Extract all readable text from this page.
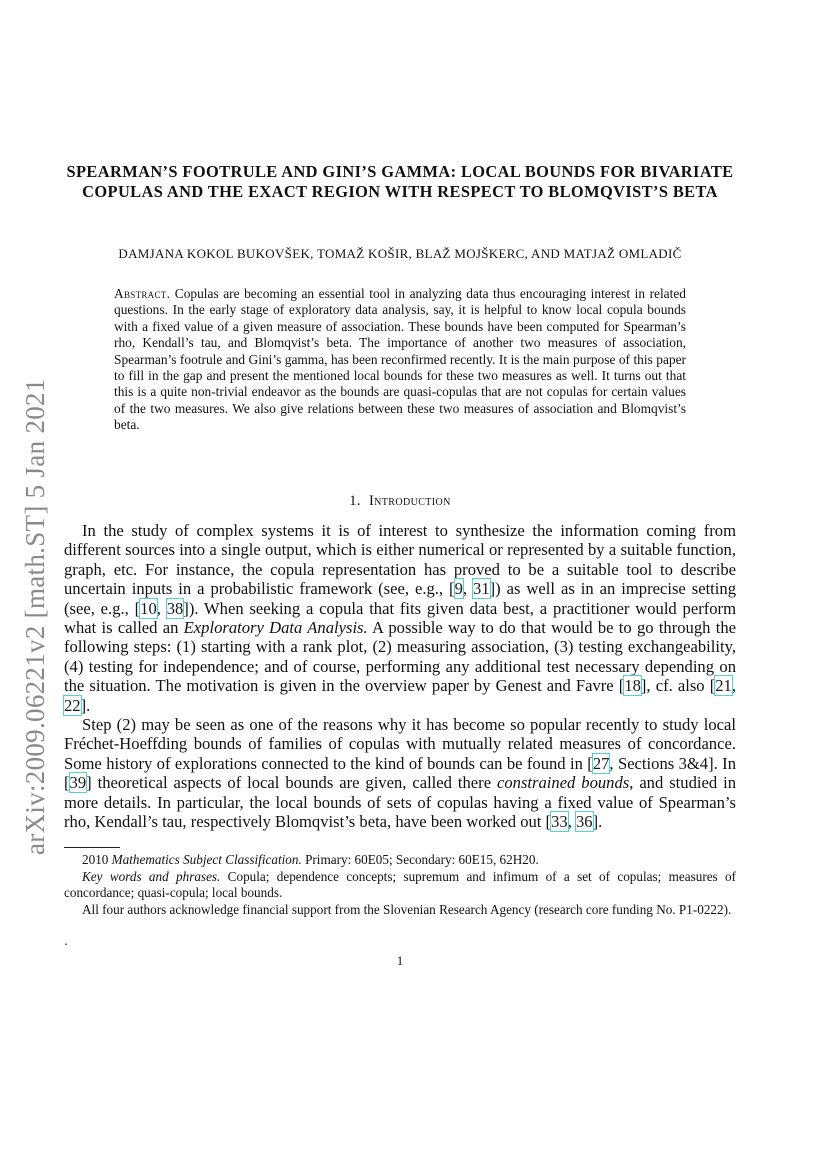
arXiv:2009.06221v2 [math.ST] 5 Jan 2021
SPEARMAN’S FOOTRULE AND GINI’S GAMMA: LOCAL BOUNDS FOR BIVARIATE COPULAS AND THE EXACT REGION WITH RESPECT TO BLOMQVIST’S BETA
DAMJANA KOKOL BUKOVŠEK, TOMAŽ KOŠIR, BLAŽ MOJŠKERC, AND MATJAŽ OMLADIČ
Abstract. Copulas are becoming an essential tool in analyzing data thus encouraging interest in related questions. In the early stage of exploratory data analysis, say, it is helpful to know local copula bounds with a fixed value of a given measure of association. These bounds have been computed for Spearman’s rho, Kendall’s tau, and Blomqvist’s beta. The importance of another two measures of association, Spearman’s footrule and Gini’s gamma, has been reconfirmed recently. It is the main purpose of this paper to fill in the gap and present the mentioned local bounds for these two measures as well. It turns out that this is a quite non-trivial endeavor as the bounds are quasi-copulas that are not copulas for certain values of the two measures. We also give relations between these two measures of association and Blomqvist’s beta.
1. Introduction
In the study of complex systems it is of interest to synthesize the information coming from different sources into a single output, which is either numerical or represented by a suitable function, graph, etc. For instance, the copula representation has proved to be a suitable tool to describe uncertain inputs in a probabilistic framework (see, e.g., [9, 31]) as well as in an imprecise setting (see, e.g., [10, 38]). When seeking a copula that fits given data best, a practitioner would perform what is called an Exploratory Data Analysis. A possible way to do that would be to go through the following steps: (1) starting with a rank plot, (2) measuring association, (3) testing exchangeability, (4) testing for independence; and of course, performing any additional test necessary depending on the situation. The motivation is given in the overview paper by Genest and Favre [18], cf. also [21, 22].
Step (2) may be seen as one of the reasons why it has become so popular recently to study local Fréchet-Hoeffding bounds of families of copulas with mutually related measures of concordance. Some history of explorations connected to the kind of bounds can be found in [27, Sections 3&4]. In [39] theoretical aspects of local bounds are given, called there constrained bounds, and studied in more details. In particular, the local bounds of sets of copulas having a fixed value of Spearman’s rho, Kendall’s tau, respectively Blomqvist’s beta, have been worked out [33, 36].
2010 Mathematics Subject Classification. Primary: 60E05; Secondary: 60E15, 62H20.
Key words and phrases. Copula; dependence concepts; supremum and infimum of a set of copulas; measures of concordance; quasi-copula; local bounds.
All four authors acknowledge financial support from the Slovenian Research Agency (research core funding No. P1-0222).
.
1
